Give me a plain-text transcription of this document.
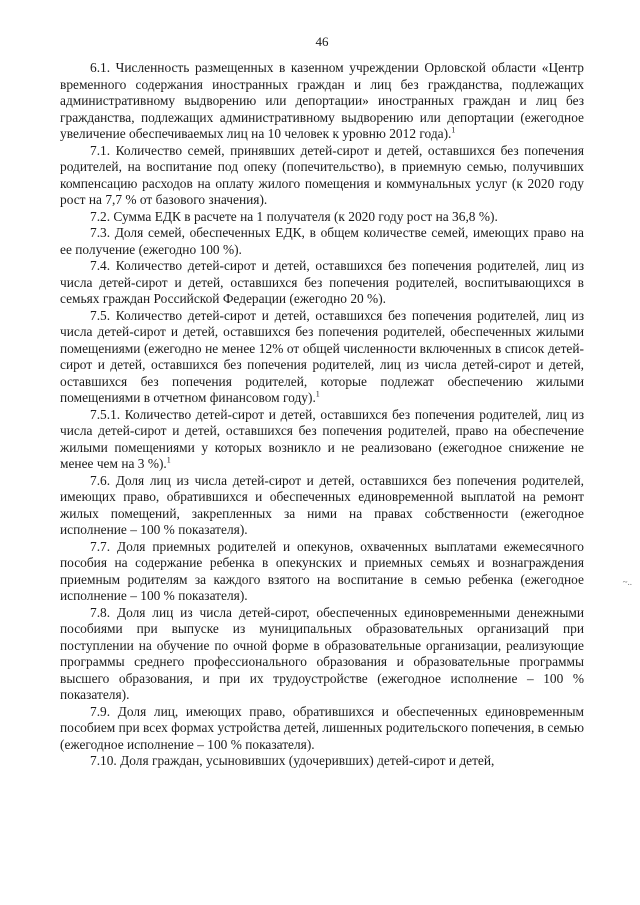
46

6.1. Численность размещенных в казенном учреждении Орловской области «Центр временного содержания иностранных граждан и лиц без гражданства, подлежащих административному выдворению или депортации» иностранных граждан и лиц без гражданства, подлежащих административному выдворению или депортации (ежегодное увеличение обеспечиваемых лиц на 10 человек к уровню 2012 года).$^1$

7.1. Количество семей, принявших детей-сирот и детей, оставшихся без попечения родителей, на воспитание под опеку (попечительство), в приемную семью, получивших компенсацию расходов на оплату жилого помещения и коммунальных услуг (к 2020 году рост на 7,7 % от базового значения).

7.2. Сумма ЕДК в расчете на 1 получателя (к 2020 году рост на 36,8 %).

7.3. Доля семей, обеспеченных ЕДК, в общем количестве семей, имеющих право на ее получение (ежегодно 100 %).

7.4. Количество детей-сирот и детей, оставшихся без попечения родителей, лиц из числа детей-сирот и детей, оставшихся без попечения родителей, воспитывающихся в семьях граждан Российской Федерации (ежегодно 20 %).

7.5. Количество детей-сирот и детей, оставшихся без попечения родителей, лиц из числа детей-сирот и детей, оставшихся без попечения родителей, обеспеченных жилыми помещениями (ежегодно не менее 12% от общей численности включенных в список детей-сирот и детей, оставшихся без попечения родителей, лиц из числа детей-сирот и детей, оставшихся без попечения родителей, которые подлежат обеспечению жилыми помещениями в отчетном финансовом году).$^1$

7.5.1. Количество детей-сирот и детей, оставшихся без попечения родителей, лиц из числа детей-сирот и детей, оставшихся без попечения родителей, право на обеспечение жилыми помещениями у которых возникло и не реализовано (ежегодное снижение не менее чем на 3 %).$^1$

7.6. Доля лиц из числа детей-сирот и детей, оставшихся без попечения родителей, имеющих право, обратившихся и обеспеченных единовременной выплатой на ремонт жилых помещений, закрепленных за ними на правах собственности (ежегодное исполнение – 100 % показателя).

7.7. Доля приемных родителей и опекунов, охваченных выплатами ежемесячного пособия на содержание ребенка в опекунских и приемных семьях и вознаграждения приемным родителям за каждого взятого на воспитание в семью ребенка (ежегодное исполнение – 100 % показателя).

7.8. Доля лиц из числа детей-сирот, обеспеченных единовременными денежными пособиями при выпуске из муниципальных образовательных организаций при поступлении на обучение по очной форме в образовательные организации, реализующие программы среднего профессионального образования и образовательные программы высшего образования, и при их трудоустройстве (ежегодное исполнение – 100 % показателя).

7.9. Доля лиц, имеющих право, обратившихся и обеспеченных единовременным пособием при всех формах устройства детей, лишенных родительского попечения, в семью (ежегодное исполнение – 100 % показателя).

7.10. Доля граждан, усыновивших (удочеривших) детей-сирот и детей,

~..
